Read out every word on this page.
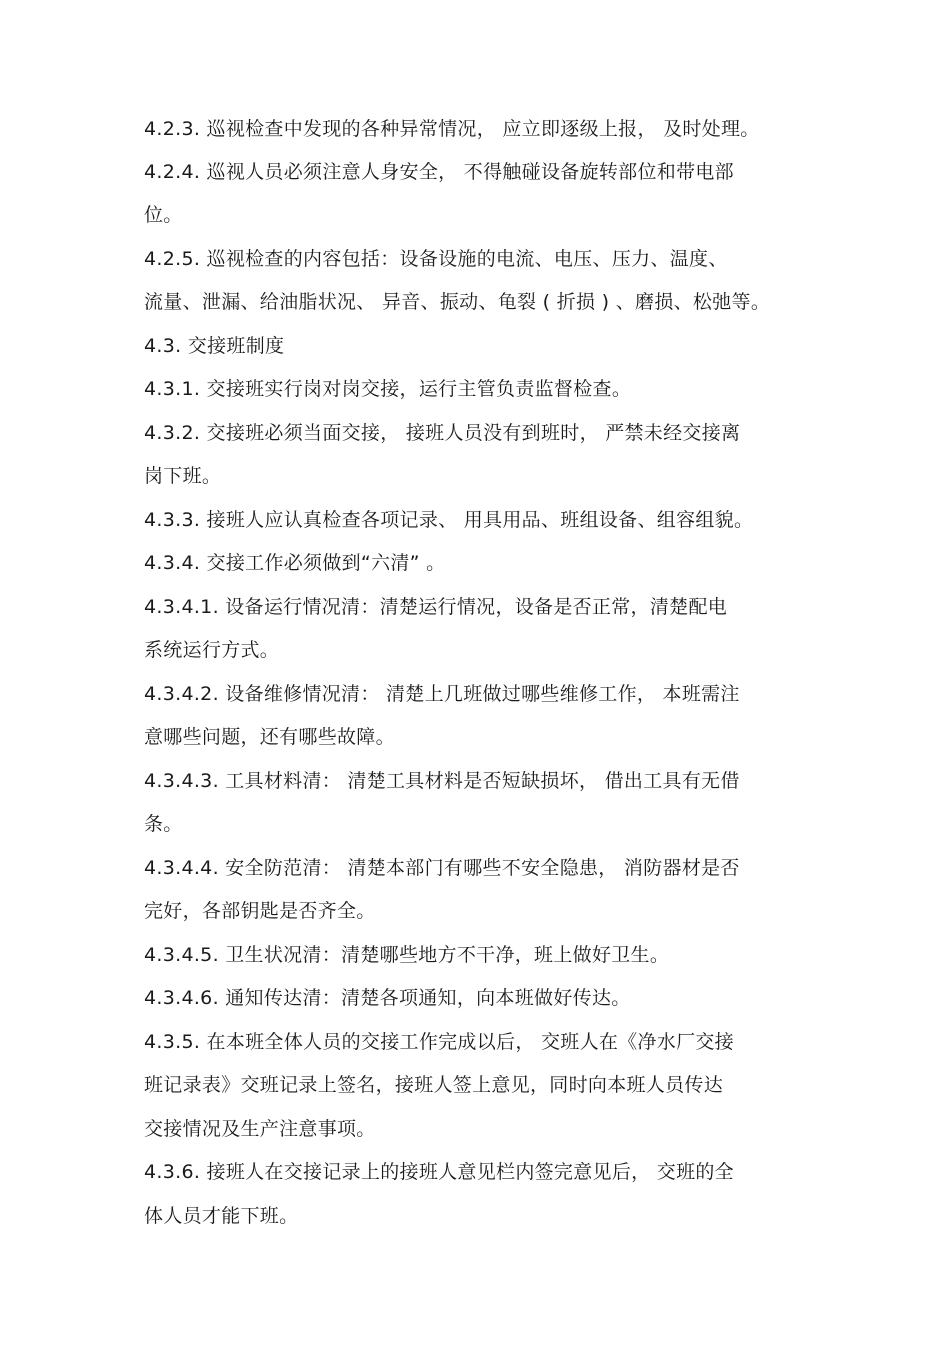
4.2.3. 巡视检查中发现的各种异常情况， 应立即逐级上报， 及时处理。
4.2.4. 巡视人员必须注意人身安全， 不得触碰设备旋转部位和带电部
位。
4.2.5. 巡视检查的内容包括：设备设施的电流、电压、压力、温度、
流量、泄漏、给油脂状况、 异音、振动、龟裂 ( 折损 ) 、磨损、松弛等。
4.3. 交接班制度
4.3.1. 交接班实行岗对岗交接，运行主管负责监督检查。
4.3.2. 交接班必须当面交接， 接班人员没有到班时， 严禁未经交接离
岗下班。
4.3.3. 接班人应认真检查各项记录、 用具用品、班组设备、组容组貌。
4.3.4. 交接工作必须做到“六清” 。
4.3.4.1. 设备运行情况清：清楚运行情况，设备是否正常，清楚配电
系统运行方式。
4.3.4.2. 设备维修情况清： 清楚上几班做过哪些维修工作， 本班需注
意哪些问题，还有哪些故障。
4.3.4.3. 工具材料清： 清楚工具材料是否短缺损坏， 借出工具有无借
条。
4.3.4.4. 安全防范清： 清楚本部门有哪些不安全隐患， 消防器材是否
完好，各部钥匙是否齐全。
4.3.4.5. 卫生状况清：清楚哪些地方不干净，班上做好卫生。
4.3.4.6. 通知传达清：清楚各项通知，向本班做好传达。
4.3.5. 在本班全体人员的交接工作完成以后， 交班人在《净水厂交接
班记录表》交班记录上签名，接班人签上意见，同时向本班人员传达
交接情况及生产注意事项。
4.3.6. 接班人在交接记录上的接班人意见栏内签完意见后， 交班的全
体人员才能下班。
